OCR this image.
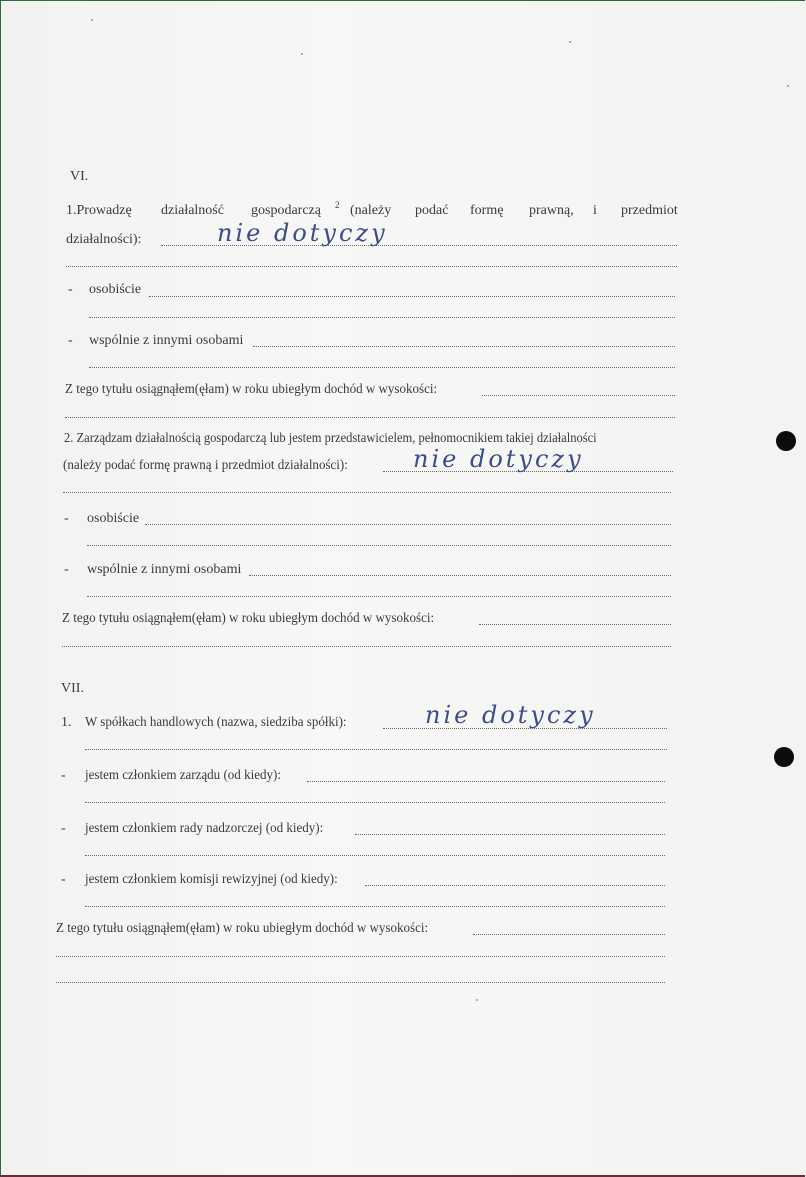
VI.
1.Prowadzę działalność gospodarczą 2 (należy podać formę prawną, i przedmiot
działalności):	nie dotyczy
- osobiście
- wspólnie z innymi osobami
Z tego tytułu osiągnąłem(ęłam) w roku ubiegłym dochód w wysokości:
2. Zarządzam działalnością gospodarczą lub jestem przedstawicielem, pełnomocnikiem takiej działalności
(należy podać formę prawną i przedmiot działalności):	nie dotyczy
- osobiście
- wspólnie z innymi osobami
Z tego tytułu osiągnąłem(ęłam) w roku ubiegłym dochód w wysokości:
VII.
1. W spółkach handlowych (nazwa, siedziba spółki):	nie dotyczy
- jestem członkiem zarządu (od kiedy):
- jestem członkiem rady nadzorczej (od kiedy):
- jestem członkiem komisji rewizyjnej (od kiedy):
Z tego tytułu osiągnąłem(ęłam) w roku ubiegłym dochód w wysokości:
